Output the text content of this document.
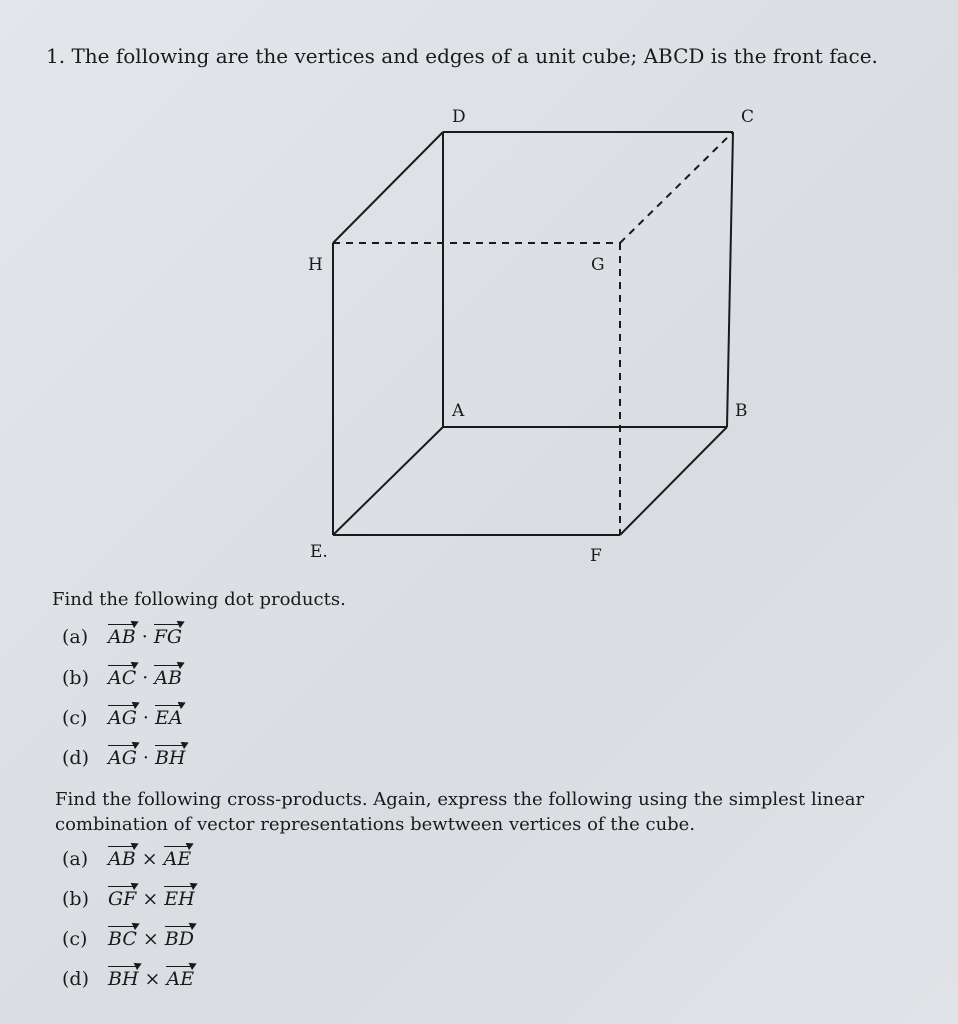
1. The following are the vertices and edges of a unit cube; ABCD is the front face.
D	C
H	G
A	B
E.	F
Find the following dot products.
(a) AB · FG
(b) AC · AB
(c) AG · EA
(d) AG · BH
Find the following cross-products. Again, express the following using the simplest linear
combination of vector representations bewtween vertices of the cube.
(a) AB × AE
(b) GF × EH
(c) BC × BD
(d) BH × AE
